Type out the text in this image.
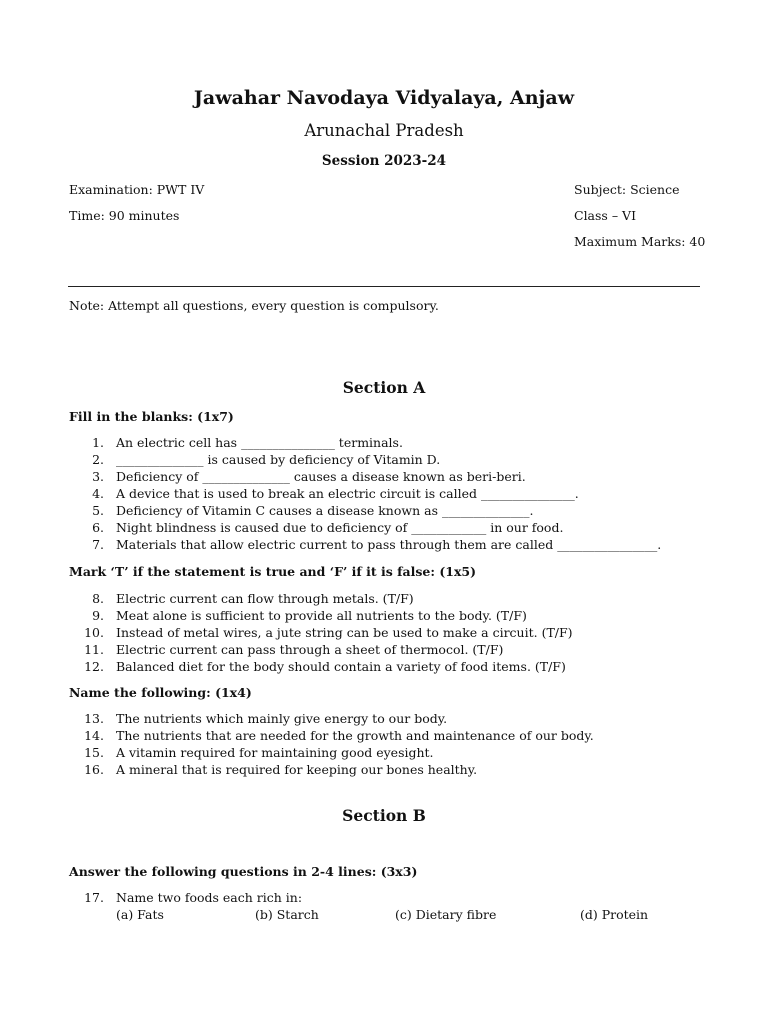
Jawahar Navodaya Vidyalaya, Anjaw
Arunachal Pradesh
Session 2023-24
Examination: PWT IV
Time: 90 minutes
Subject: Science
Class – VI
Maximum Marks: 40
Note: Attempt all questions, every question is compulsory.
Section A
Fill in the blanks: (1x7)
1. An electric cell has _______________ terminals.
2. ______________ is caused by deficiency of Vitamin D.
3. Deficiency of ______________ causes a disease known as beri-beri.
4. A device that is used to break an electric circuit is called _______________.
5. Deficiency of Vitamin C causes a disease known as ______________.
6. Night blindness is caused due to deficiency of ____________ in our food.
7. Materials that allow electric current to pass through them are called ________________.
Mark ‘T’ if the statement is true and ‘F’ if it is false: (1x5)
8. Electric current can flow through metals. (T/F)
9. Meat alone is sufficient to provide all nutrients to the body. (T/F)
10. Instead of metal wires, a jute string can be used to make a circuit. (T/F)
11. Electric current can pass through a sheet of thermocol. (T/F)
12. Balanced diet for the body should contain a variety of food items. (T/F)
Name the following: (1x4)
13. The nutrients which mainly give energy to our body.
14. The nutrients that are needed for the growth and maintenance of our body.
15. A vitamin required for maintaining good eyesight.
16. A mineral that is required for keeping our bones healthy.
Section B
Answer the following questions in 2-4 lines: (3x3)
17. Name two foods each rich in:
(a) Fats	(b) Starch	(c) Dietary fibre	(d) Protein
